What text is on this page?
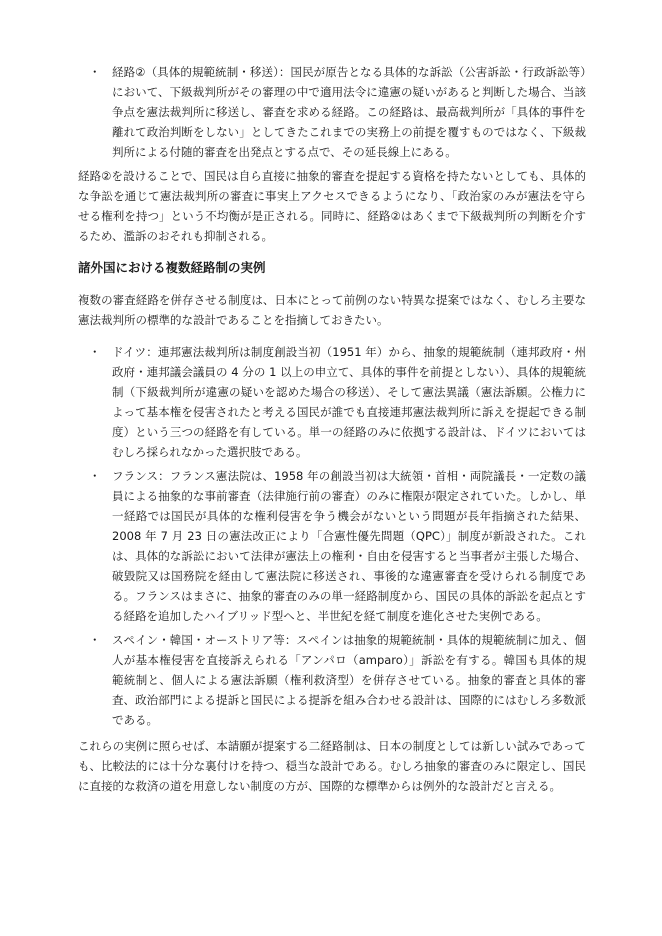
・ 経路②（具体的規範統制・移送）：国民が原告となる具体的な訴訟（公害訴訟・行政訴訟等）において、下級裁判所がその審理の中で適用法令に違憲の疑いがあると判断した場合、当該争点を憲法裁判所に移送し、審査を求める経路。この経路は、最高裁判所が「具体的事件を離れて政治判断をしない」としてきたこれまでの実務上の前提を覆すものではなく、下級裁判所による付随的審査を出発点とする点で、その延長線上にある。

経路②を設けることで、国民は自ら直接に抽象的審査を提起する資格を持たないとしても、具体的な争訟を通じて憲法裁判所の審査に事実上アクセスできるようになり、「政治家のみが憲法を守らせる権利を持つ」という不均衡が是正される。同時に、経路②はあくまで下級裁判所の判断を介するため、濫訴のおそれも抑制される。

諸外国における複数経路制の実例

複数の審査経路を併存させる制度は、日本にとって前例のない特異な提案ではなく、むしろ主要な憲法裁判所の標準的な設計であることを指摘しておきたい。

・ ドイツ：連邦憲法裁判所は制度創設当初（1951 年）から、抽象的規範統制（連邦政府・州政府・連邦議会議員の 4 分の 1 以上の申立て、具体的事件を前提としない）、具体的規範統制（下級裁判所が違憲の疑いを認めた場合の移送）、そして憲法異議（憲法訴願。公権力によって基本権を侵害されたと考える国民が誰でも直接連邦憲法裁判所に訴えを提起できる制度）という三つの経路を有している。単一の経路のみに依拠する設計は、ドイツにおいてはむしろ採られなかった選択肢である。
・ フランス：フランス憲法院は、1958 年の創設当初は大統領・首相・両院議長・一定数の議員による抽象的な事前審査（法律施行前の審査）のみに権限が限定されていた。しかし、単一経路では国民が具体的な権利侵害を争う機会がないという問題が長年指摘された結果、2008 年 7 月 23 日の憲法改正により「合憲性優先問題（QPC）」制度が新設された。これは、具体的な訴訟において法律が憲法上の権利・自由を侵害すると当事者が主張した場合、破毀院又は国務院を経由して憲法院に移送され、事後的な違憲審査を受けられる制度である。フランスはまさに、抽象的審査のみの単一経路制度から、国民の具体的訴訟を起点とする経路を追加したハイブリッド型へと、半世紀を経て制度を進化させた実例である。
・ スペイン・韓国・オーストリア等：スペインは抽象的規範統制・具体的規範統制に加え、個人が基本権侵害を直接訴えられる「アンパロ（amparo）」訴訟を有する。韓国も具体的規範統制と、個人による憲法訴願（権利救済型）を併存させている。抽象的審査と具体的審査、政治部門による提訴と国民による提訴を組み合わせる設計は、国際的にはむしろ多数派である。

これらの実例に照らせば、本請願が提案する二経路制は、日本の制度としては新しい試みであっても、比較法的には十分な裏付けを持つ、穏当な設計である。むしろ抽象的審査のみに限定し、国民に直接的な救済の道を用意しない制度の方が、国際的な標準からは例外的な設計だと言える。
